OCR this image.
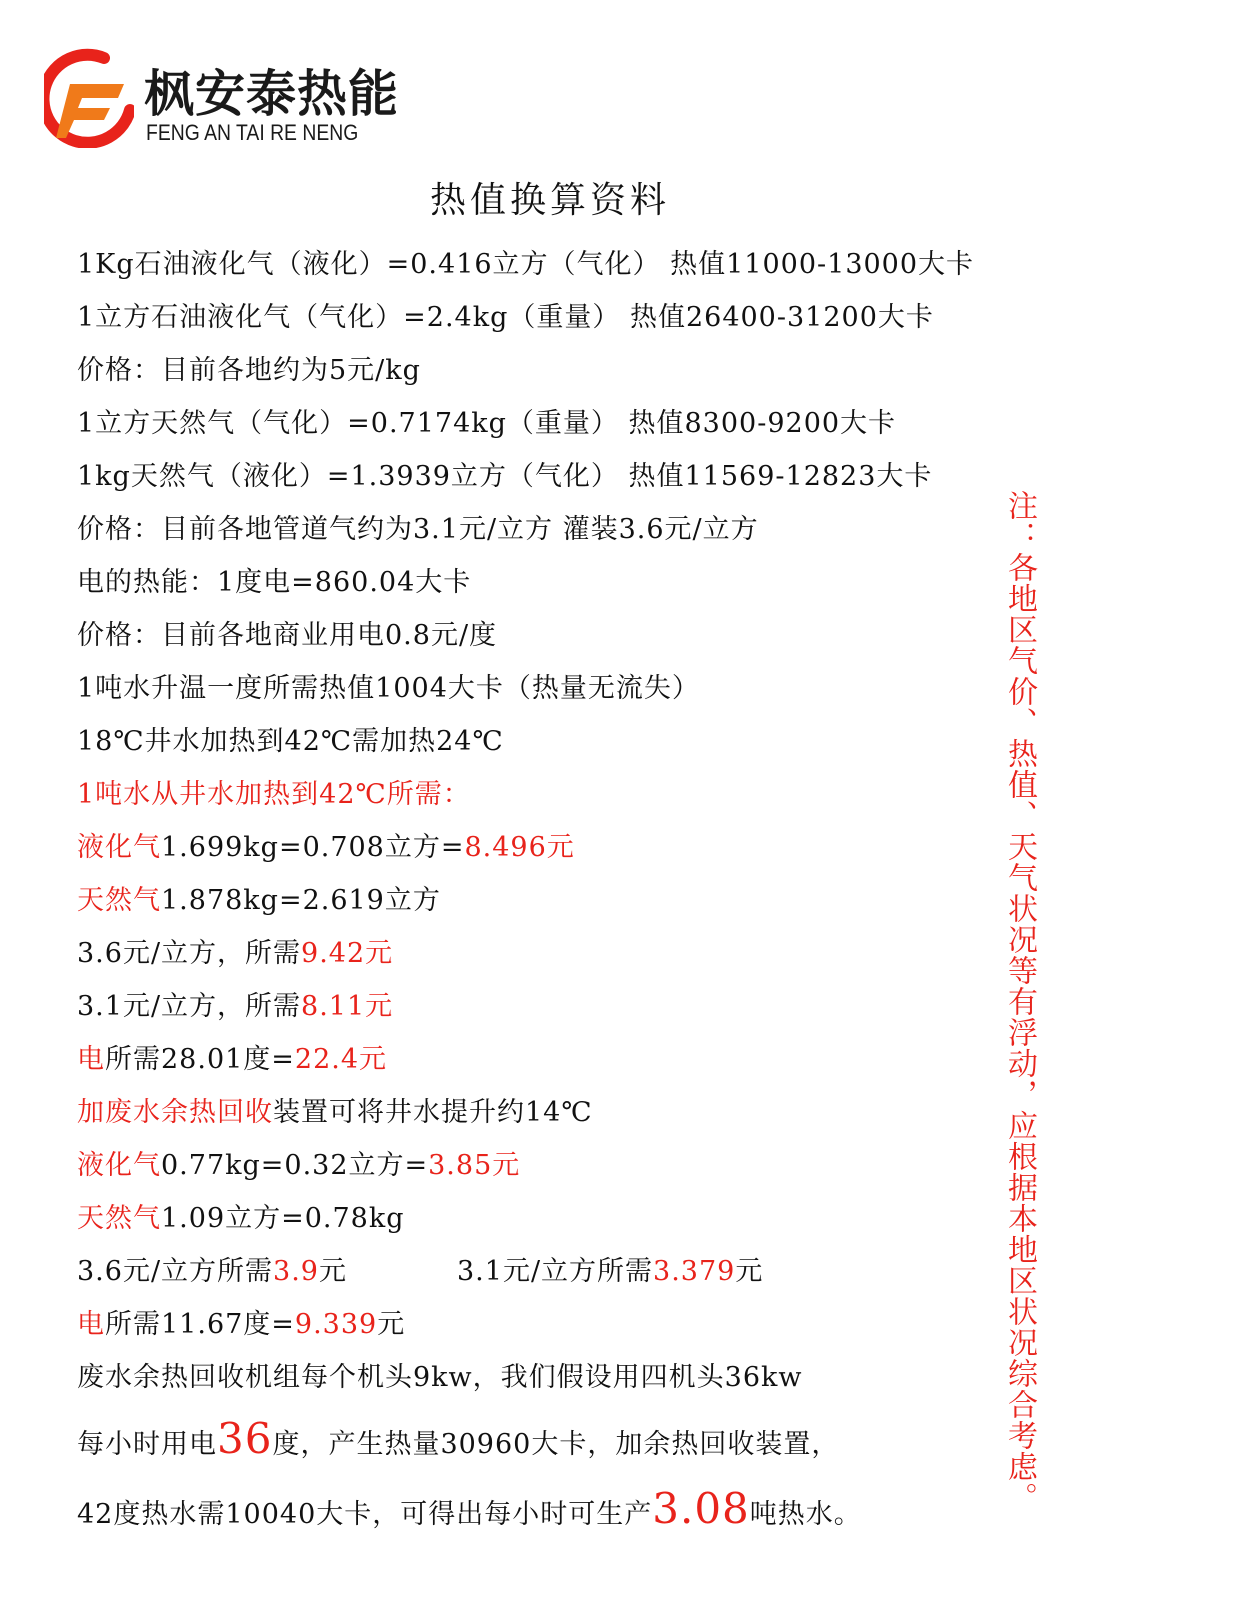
枫安泰热能
FENG AN TAI RE NENG
热值换算资料
1Kg石油液化气（液化）=0.416立方（气化） 热值11000-13000大卡
1立方石油液化气（气化）=2.4kg（重量） 热值26400-31200大卡
价格：目前各地约为5元/kg
1立方天然气（气化）=0.7174kg（重量） 热值8300-9200大卡
1kg天然气（液化）=1.3939立方（气化） 热值11569-12823大卡
价格：目前各地管道气约为3.1元/立方 灌装3.6元/立方
电的热能：1度电=860.04大卡
价格：目前各地商业用电0.8元/度
1吨水升温一度所需热值1004大卡（热量无流失）
18℃井水加热到42℃需加热24℃
1吨水从井水加热到42℃所需：
液化气1.699kg=0.708立方=8.496元
天然气1.878kg=2.619立方
3.6元/立方，所需9.42元
3.1元/立方，所需8.11元
电所需28.01度=22.4元
加废水余热回收装置可将井水提升约14℃
液化气0.77kg=0.32立方=3.85元
天然气1.09立方=0.78kg
3.6元/立方所需3.9元	3.1元/立方所需3.379元
电所需11.67度=9.339元
废水余热回收机组每个机头9kw，我们假设用四机头36kw
每小时用电36度，产生热量30960大卡，加余热回收装置，
42度热水需10040大卡，可得出每小时可生产3.08吨热水。
注：各地区气价、热值、天气状况等有浮动，应根据本地区状况综合考虑。
